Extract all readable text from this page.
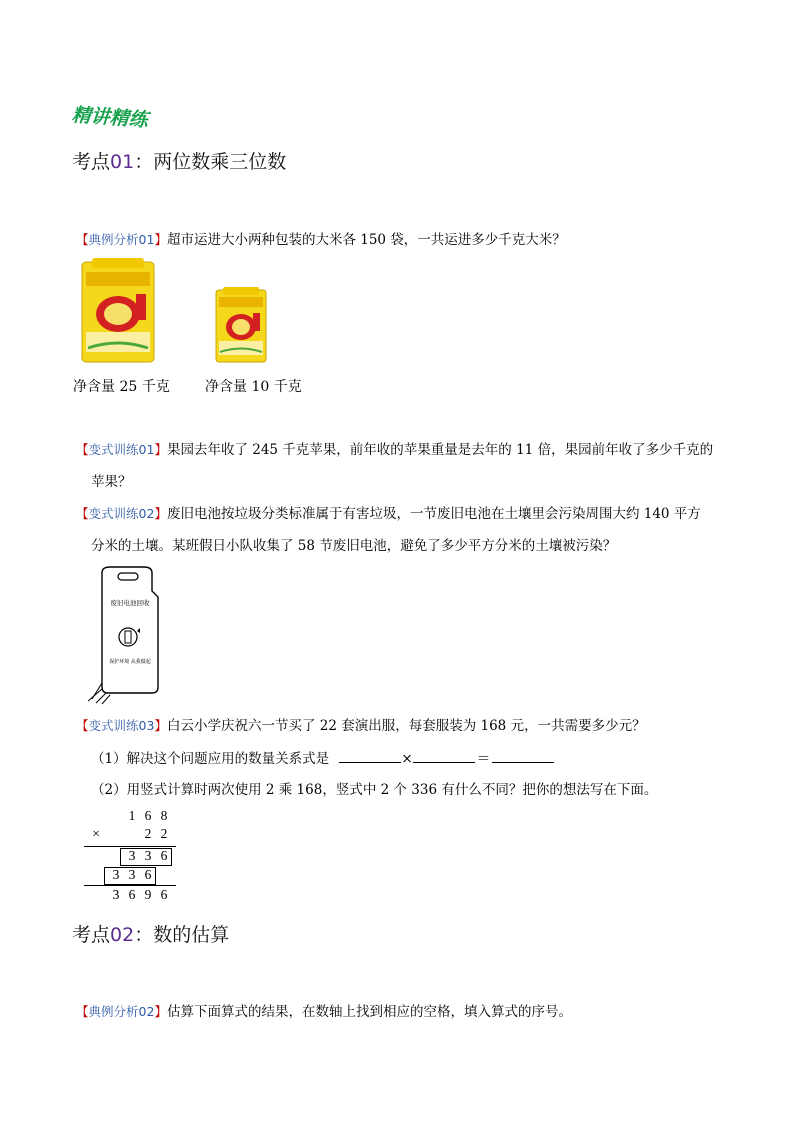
精讲精练
考点01：两位数乘三位数
【典例分析01】超市运进大小两种包装的大米各 150 袋，一共运进多少千克大米？
净含量 25 千克	净含量 10 千克
【变式训练01】果园去年收了 245 千克苹果，前年收的苹果重量是去年的 11 倍，果园前年收了多少千克的
苹果？
【变式训练02】废旧电池按垃圾分类标准属于有害垃圾，一节废旧电池在土壤里会污染周围大约 140 平方
分米的土壤。某班假日小队收集了 58 节废旧电池，避免了多少平方分米的土壤被污染？
废旧电池回收
保护环境 从我做起
【变式训练03】白云小学庆祝六一节买了 22 套演出服，每套服装为 168 元，一共需要多少元？
（1）解决这个问题应用的数量关系式是	×	＝
（2）用竖式计算时两次使用 2 乘 168，竖式中 2 个 336 有什么不同？把你的想法写在下面。
1 6 8
×	2 2
3 3 6
3 3 6
3 6 9 6
考点02：数的估算
【典例分析02】估算下面算式的结果，在数轴上找到相应的空格，填入算式的序号。
